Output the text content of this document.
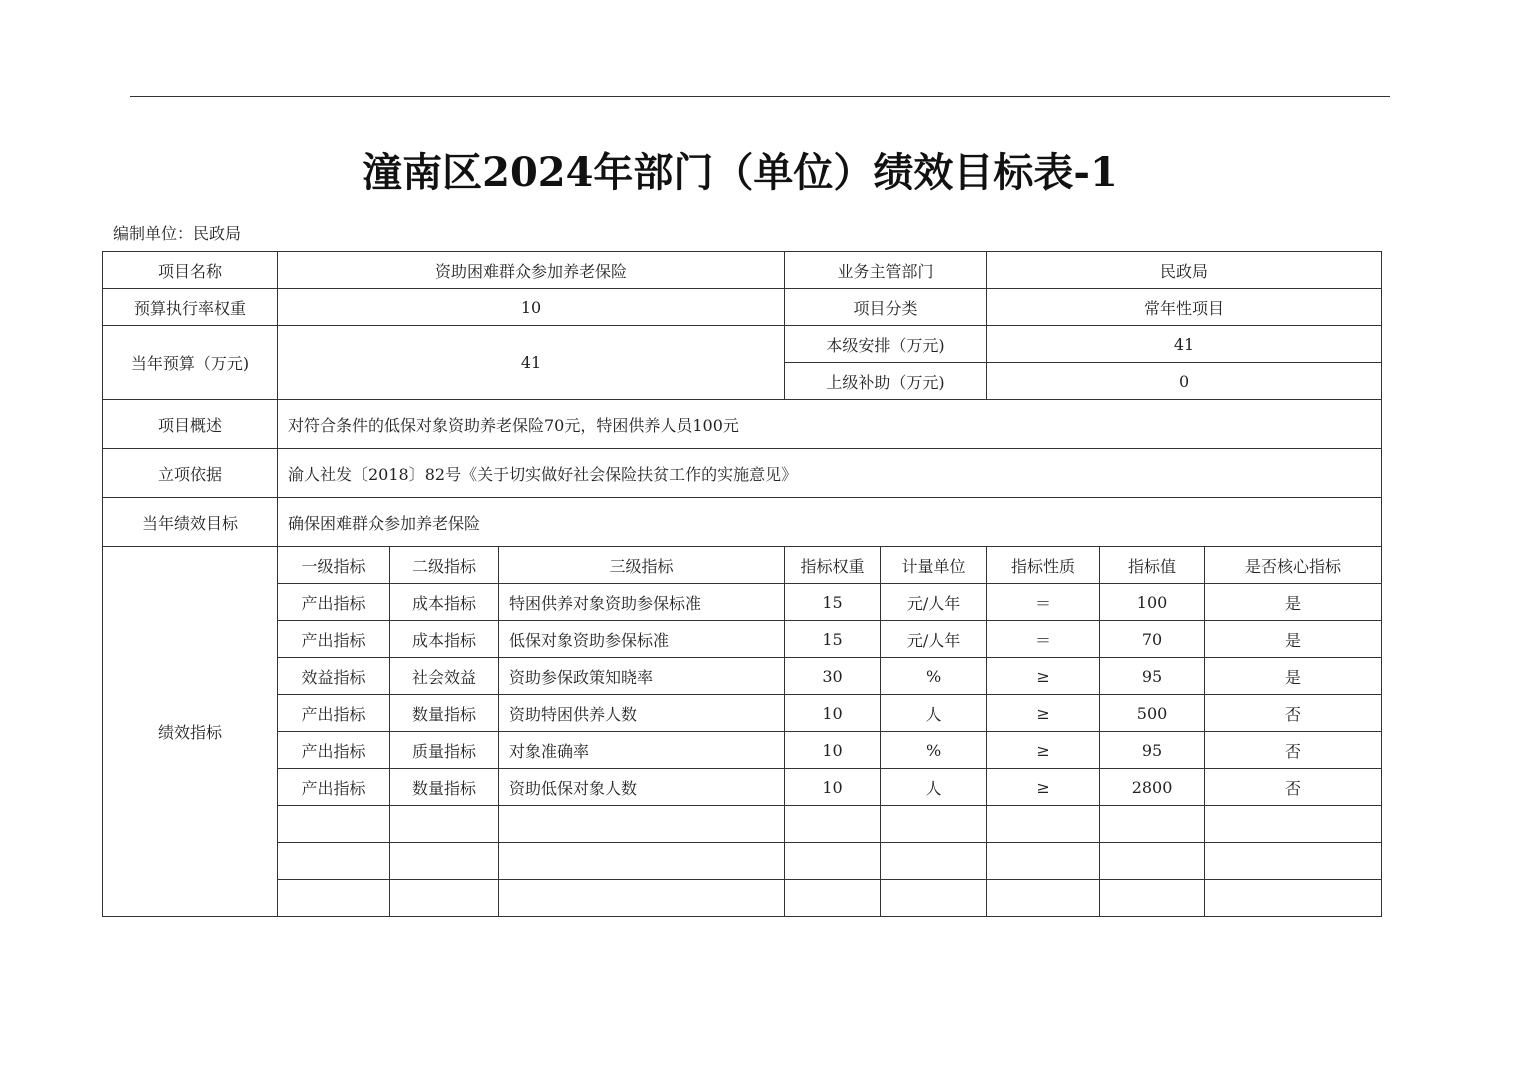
潼南区2024年部门（单位）绩效目标表-1
编制单位：民政局
项目名称	资助困难群众参加养老保险			业务主管部门		民政局		
预算执行率权重	10			项目分类		常年性项目		
当年预算（万元)	41			本级安排（万元)		41		
				上级补助（万元)		0		
项目概述	对符合条件的低保对象资助养老保险70元，特困供养人员100元							
立项依据	渝人社发〔2018〕82号《关于切实做好社会保险扶贫工作的实施意见》							
当年绩效目标	确保困难群众参加养老保险							
绩效指标	一级指标	二级指标	三级指标	指标权重	计量单位	指标性质	指标值	是否核心指标
	产出指标	成本指标	特困供养对象资助参保标准	15	元/人年	＝	100	是
	产出指标	成本指标	低保对象资助参保标准	15	元/人年	＝	70	是
	效益指标	社会效益	资助参保政策知晓率	30	%	≥	95	是
	产出指标	数量指标	资助特困供养人数	10	人	≥	500	否
	产出指标	质量指标	对象准确率	10	%	≥	95	否
	产出指标	数量指标	资助低保对象人数	10	人	≥	2800	否
